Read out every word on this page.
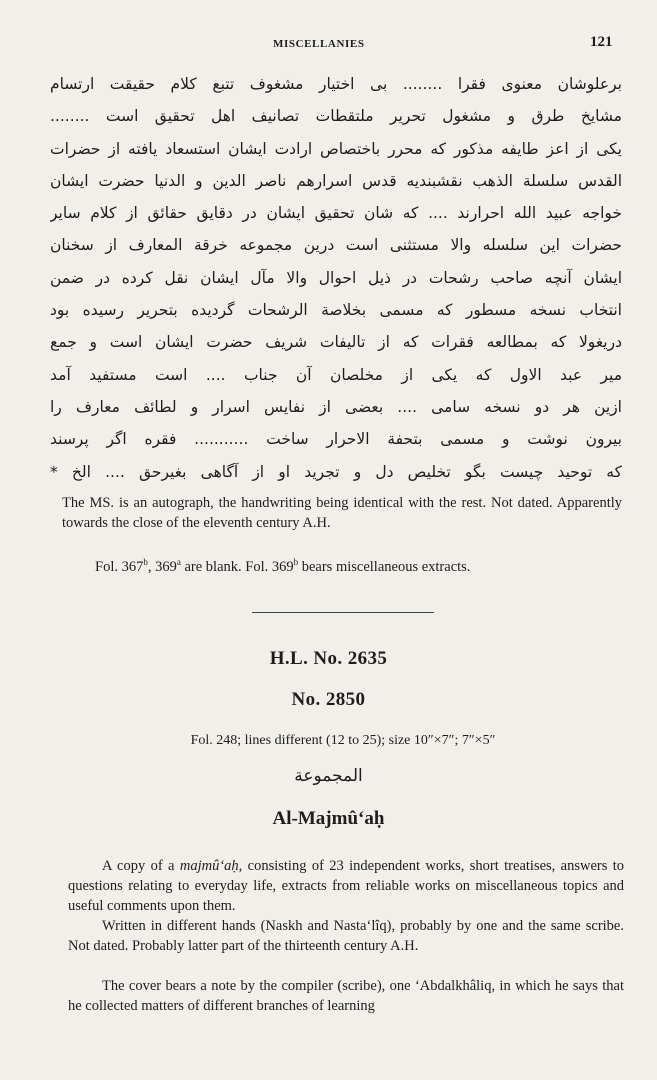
MISCELLANIES	121
برعلوشان معنوی فقرا ........ بی اختیار مشغوف تتبع کلام حقیقت ارتسام
مشایخ طرق و مشغول تحریر ملتقطات تصانیف اهل تحقیق است ........
یکی از اعز طایفه مذکور که محرر باختصاص ارادت ایشان استسعاد یافته از حضرات
القدس سلسلة الذهب نقشبندیه قدس اسرارهم ناصر الدین و الدنیا حضرت ایشان
خواجه عبید الله احرارند .... که شان تحقیق ایشان در دقایق حقائق از کلام سایر
حضرات این سلسله والا مستثنی است درین مجموعه خرقة المعارف از سخنان
ایشان آنچه صاحب رشحات در ذیل احوال والا مآل ایشان نقل کرده در ضمن
انتخاب نسخه مسطور که مسمی بخلاصة الرشحات گردیده بتحریر رسیده بود
دریغولا که بمطالعه فقرات که از تالیفات شریف حضرت ایشان است و جمع
میر عبد الاول که یکی از مخلصان آن جناب .... است مستفید آمد
ازین هر دو نسخه سامی .... بعضی از نفایس اسرار و لطائف معارف را
بیرون نوشت و مسمی بتحفة الاحرار ساخت ........... فقره اگر پرسند
که توحید چیست بگو تخلیص دل و تجرید او از آگاهی بغیرحق .... الخ *

The MS. is an autograph, the handwriting being identical with the rest. Not dated. Apparently towards the close of the eleventh century A.H.

Fol. 367$^b$, 369$^a$ are blank. Fol. 369$^b$ bears miscellaneous extracts.
H.L. No. 2635
No. 2850
Fol. 248; lines different (12 to 25); size 10″×7″; 7″×5″
المجموعة
Al-Majmû‘aḥ

A copy of a majmû‘aḥ, consisting of 23 independent works, short treatises, answers to questions relating to everyday life, extracts from reliable works on miscellaneous topics and useful comments upon them.

Written in different hands (Naskh and Nasta‘lîq), probably by one and the same scribe. Not dated. Probably latter part of the thirteenth century A.H.

The cover bears a note by the compiler (scribe), one ‘Abdalkhâliq, in which he says that he collected matters of different branches of learning
